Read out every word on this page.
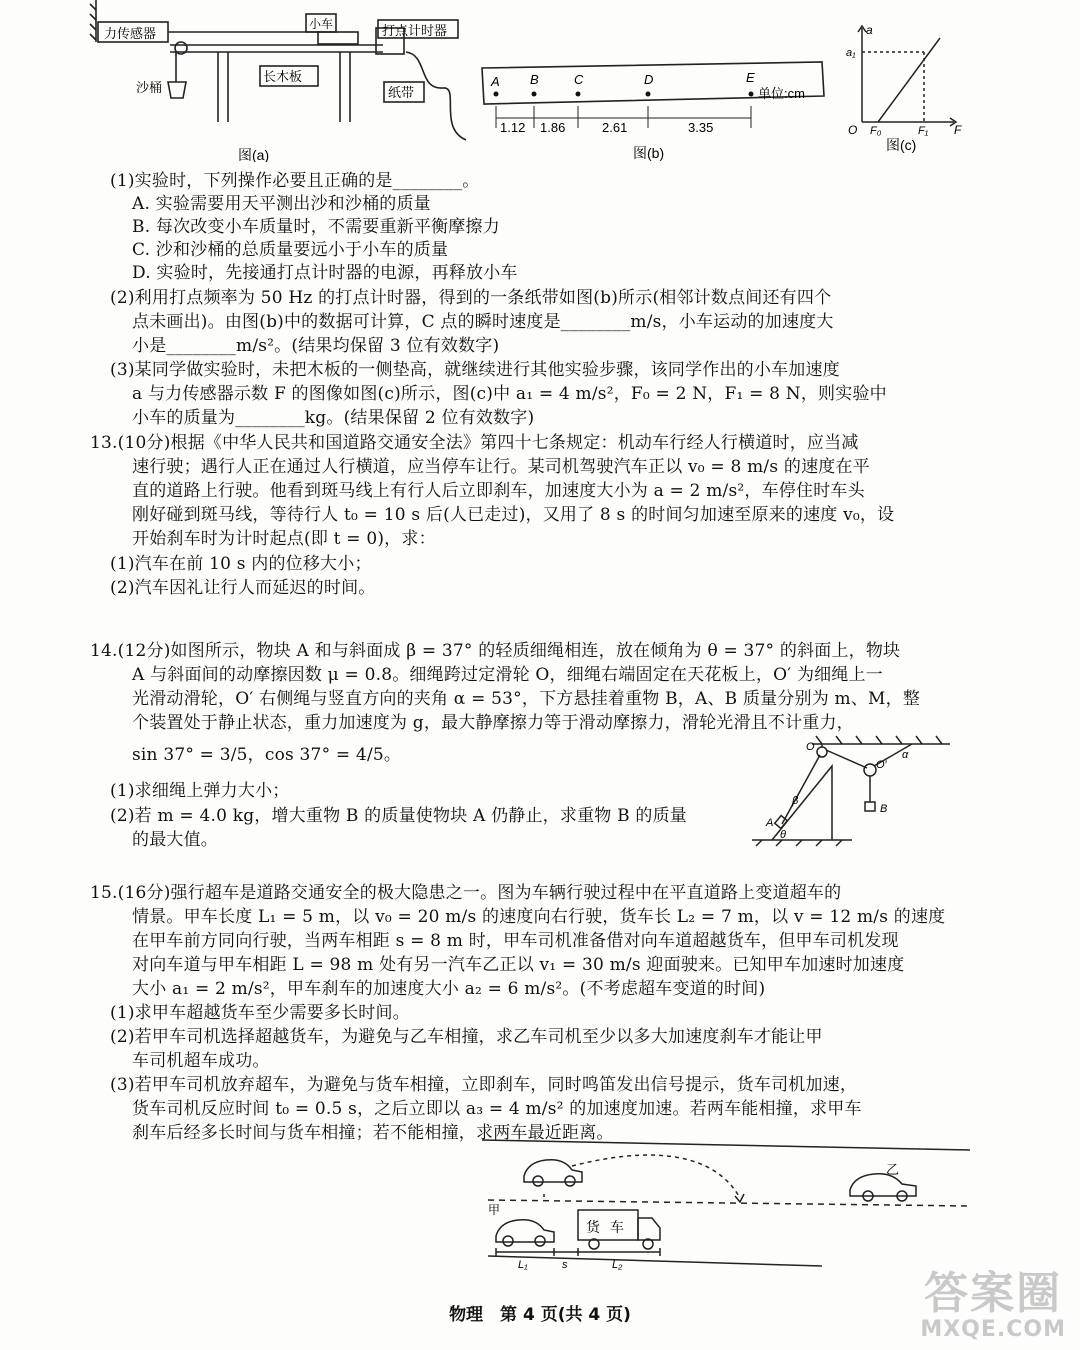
力传感器
小车	打点计时器
长木板
纸带
沙桶
图(a)
A B	C	D	E
单位:cm
1.12 1.86	2.61	3.35
图(b)
a
F
O
a₁
F₀	F₁
图(c)
(1)实验时，下列操作必要且正确的是________。
A. 实验需要用天平测出沙和沙桶的质量
B. 每次改变小车质量时，不需要重新平衡摩擦力
C. 沙和沙桶的总质量要远小于小车的质量
D. 实验时，先接通打点计时器的电源，再释放小车
(2)利用打点频率为 50 Hz 的打点计时器，得到的一条纸带如图(b)所示(相邻计数点间还有四个
点未画出)。由图(b)中的数据可计算，C 点的瞬时速度是________m/s，小车运动的加速度大
小是________m/s²。(结果均保留 3 位有效数字)
(3)某同学做实验时，未把木板的一侧垫高，就继续进行其他实验步骤，该同学作出的小车加速度
a 与力传感器示数 F 的图像如图(c)所示，图(c)中 a₁ = 4 m/s²，F₀ = 2 N，F₁ = 8 N，则实验中
小车的质量为________kg。(结果保留 2 位有效数字)
13.(10分)根据《中华人民共和国道路交通安全法》第四十七条规定：机动车行经人行横道时，应当减
速行驶；遇行人正在通过人行横道，应当停车让行。某司机驾驶汽车正以 v₀ = 8 m/s 的速度在平
直的道路上行驶。他看到斑马线上有行人后立即刹车，加速度大小为 a = 2 m/s²，车停住时车头
刚好碰到斑马线，等待行人 t₀ = 10 s 后(人已走过)，又用了 8 s 的时间匀加速至原来的速度 v₀，设
开始刹车时为计时起点(即 t = 0)，求：
(1)汽车在前 10 s 内的位移大小；
(2)汽车因礼让行人而延迟的时间。
14.(12分)如图所示，物块 A 和与斜面成 β = 37° 的轻质细绳相连，放在倾角为 θ = 37° 的斜面上，物块
A 与斜面间的动摩擦因数 μ = 0.8。细绳跨过定滑轮 O，细绳右端固定在天花板上，O′ 为细绳上一
光滑动滑轮，O′ 右侧绳与竖直方向的夹角 α = 53°，下方悬挂着重物 B，A、B 质量分别为 m、M，整
个装置处于静止状态，重力加速度为 g，最大静摩擦力等于滑动摩擦力，滑轮光滑且不计重力，
sin 37° = 3/5，cos 37° = 4/5。
(1)求细绳上弹力大小；
(2)若 m = 4.0 kg，增大重物 B 的质量使物块 A 仍静止，求重物 B 的质量
的最大值。
O
O′
β
α
A
B
θ
15.(16分)强行超车是道路交通安全的极大隐患之一。图为车辆行驶过程中在平直道路上变道超车的
情景。甲车长度 L₁ = 5 m，以 v₀ = 20 m/s 的速度向右行驶，货车长 L₂ = 7 m，以 v = 12 m/s 的速度
在甲车前方同向行驶，当两车相距 s = 8 m 时，甲车司机准备借对向车道超越货车，但甲车司机发现
对向车道与甲车相距 L = 98 m 处有另一汽车乙正以 v₁ = 30 m/s 迎面驶来。已知甲车加速时加速度
大小 a₁ = 2 m/s²，甲车刹车的加速度大小 a₂ = 6 m/s²。(不考虑超车变道的时间)
(1)求甲车超越货车至少需要多长时间。
(2)若甲车司机选择超越货车，为避免与乙车相撞，求乙车司机至少以多大加速度刹车才能让甲
车司机超车成功。
(3)若甲车司机放弃超车，为避免与货车相撞，立即刹车，同时鸣笛发出信号提示，货车司机加速，
货车司机反应时间 t₀ = 0.5 s，之后立即以 a₃ = 4 m/s² 的加速度加速。若两车能相撞，求甲车
刹车后经多长时间与货车相撞；若不能相撞，求两车最近距离。
甲
乙
货 车
L₁	s	L₂
物理　第 4 页(共 4 页)	答案圈
MXQE.COM
